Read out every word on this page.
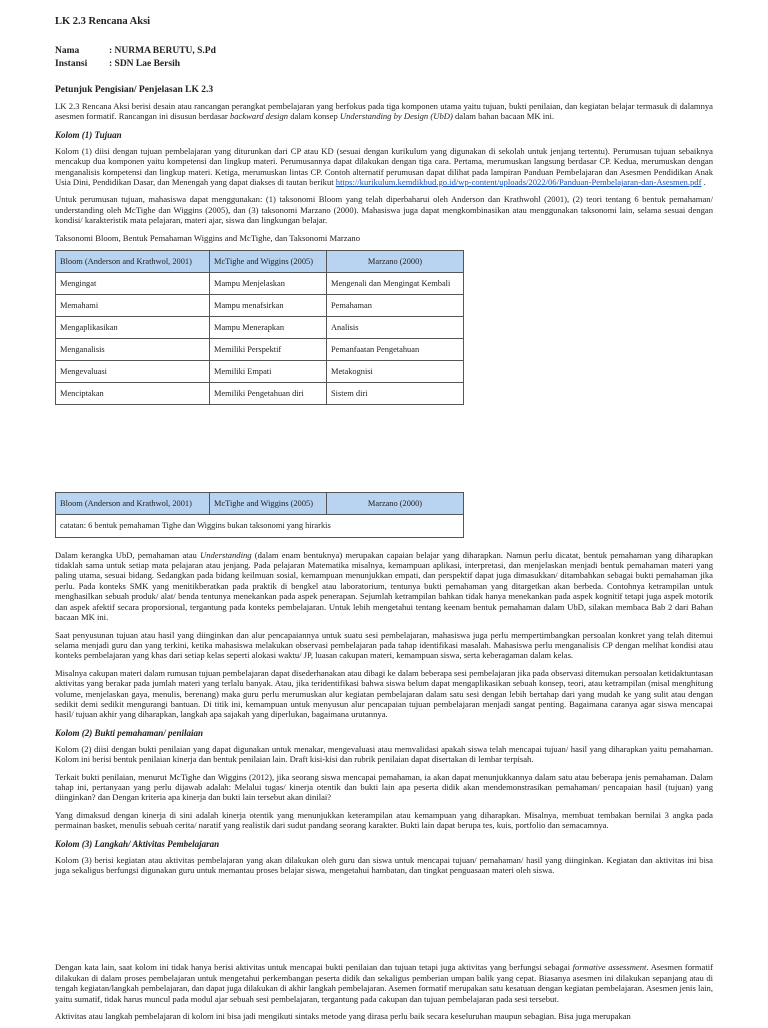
LK 2.3 Rencana Aksi
Nama	: NURMA BERUTU, S.Pd
Instansi	: SDN Lae Bersih
Petunjuk Pengisian/ Penjelasan LK 2.3

LK 2.3 Rencana Aksi berisi desain atau rancangan perangkat pembelajaran yang berfokus pada tiga komponen utama yaitu tujuan, bukti penilaian, dan kegiatan belajar termasuk di dalamnya asesmen formatif. Rancangan ini disusun berdasar backward design dalam konsep Understanding by Design (UbD) dalam bahan bacaan MK ini.

Kolom (1) Tujuan

Kolom (1) diisi dengan tujuan pembelajaran yang diturunkan dari CP atau KD (sesuai dengan kurikulum yang digunakan di sekolah untuk jenjang tertentu). Perumusan tujuan sebaiknya mencakup dua komponen yaitu kompetensi dan lingkup materi. Perumusannya dapat dilakukan dengan tiga cara. Pertama, merumuskan langsung berdasar CP. Kedua, merumuskan dengan menganalisis kompetensi dan lingkup materi. Ketiga, merumuskan lintas CP. Contoh alternatif perumusan dapat dilihat pada lampiran Panduan Pembelajaran dan Asesmen Pendidikan Anak Usia Dini, Pendidikan Dasar, dan Menengah yang dapat diakses di tautan berikut https://kurikulum.kemdikbud.go.id/wp-content/uploads/2022/06/Panduan-Pembelajaran-dan-Asesmen.pdf .

Untuk perumusan tujuan, mahasiswa dapat menggunakan: (1) taksonomi Bloom yang telah diperbaharui oleh Anderson dan Krathwohl (2001), (2) teori tentang 6 bentuk pemahaman/ understanding oleh McTighe dan Wiggins (2005), dan (3) taksonomi Marzano (2000). Mahasiswa juga dapat mengkombinasikan atau menggunakan taksonomi lain, selama sesuai dengan kondisi/ karakteristik mata pelajaran, materi ajar, siswa dan lingkungan belajar.

Taksonomi Bloom, Bentuk Pemahaman Wiggins and McTighe, dan Taksonomi Marzano
Bloom (Anderson and Krathwol, 2001)	McTighe and Wiggins (2005)	Marzano (2000)
Mengingat	Mampu Menjelaskan	Mengenali dan Mengingat Kembali
Memahami	Mampu menafsirkan	Pemahaman
Mengaplikasikan	Mampu Menerapkan	Analisis
Menganalisis	Memiliki Perspektif	Pemanfaatan Pengetahuan
Mengevaluasi	Memiliki Empati	Metakognisi
Menciptakan	Memiliki Pengetahuan diri	Sistem diri
Bloom (Anderson and Krathwol, 2001)	McTighe and Wiggins (2005)	Marzano (2000)
catatan: 6 bentuk pemahaman Tighe dan Wiggins bukan taksonomi yang hirarkis

Dalam kerangka UbD, pemahaman atau Understanding (dalam enam bentuknya) merupakan capaian belajar yang diharapkan. Namun perlu dicatat, bentuk pemahaman yang diharapkan tidaklah sama untuk setiap mata pelajaran atau jenjang. Pada pelajaran Matematika misalnya, kemampuan aplikasi, interpretasi, dan menjelaskan menjadi bentuk pemahaman materi yang paling utama, sesuai bidang. Sedangkan pada bidang keilmuan sosial, kemampuan menunjukkan empati, dan perspektif dapat juga dimasukkan/ ditambahkan sebagai bukti pemahaman jika perlu. Pada konteks SMK yang menitikberatkan pada praktik di bengkel atau laboratorium, tentunya bukti pemahaman yang ditargetkan akan berbeda. Contohnya ketrampilan untuk menghasilkan sebuah produk/ alat/ benda tentunya menekankan pada aspek penerapan. Sejumlah ketrampilan bahkan tidak hanya menekankan pada aspek kognitif tetapi juga aspek motorik dan aspek afektif secara proporsional, tergantung pada konteks pembelajaran. Untuk lebih mengetahui tentang keenam bentuk pemahaman dalam UbD, silakan membaca Bab 2 dari Bahan bacaan MK ini.

Saat penyusunan tujuan atau hasil yang diinginkan dan alur pencapaiannya untuk suatu sesi pembelajaran, mahasiswa juga perlu mempertimbangkan persoalan konkret yang telah ditemui selama menjadi guru dan yang terkini, ketika mahasiswa melakukan observasi pembelajaran pada tahap identifikasi masalah. Mahasiswa perlu menganalisis CP dengan melihat kondisi atau konteks pembelajaran yang khas dari setiap kelas seperti alokasi waktu/ JP, luasan cakupan materi, kemampuan siswa, serta keberagaman dalam kelas.

Misalnya cakupan materi dalam rumusan tujuan pembelajaran dapat disederhanakan atau dibagi ke dalam beberapa sesi pembelajaran jika pada observasi ditemukan persoalan ketidaktuntasan aktivitas yang berakar pada jumlah materi yang terlalu banyak. Atau, jika teridentifikasi bahwa siswa belum dapat mengaplikasikan sebuah konsep, teori, atau ketrampilan (misal menghitung volume, menjelaskan gaya, menulis, berenang) maka guru perlu merumuskan alur kegiatan pembelajaran dalam satu sesi dengan lebih bertahap dari yang mudah ke yang sulit atau dengan sedikit demi sedikit mengurangi bantuan. Di titik ini, kemampuan untuk menyusun alur pencapaian tujuan pembelajaran menjadi sangat penting. Bagaimana caranya agar siswa mencapai hasil/ tujuan akhir yang diharapkan, langkah apa sajakah yang diperlukan, bagaimana urutannya.

Kolom (2) Bukti pemahaman/ penilaian

Kolom (2) diisi dengan bukti penilaian yang dapat digunakan untuk menakar, mengevaluasi atau memvalidasi apakah siswa telah mencapai tujuan/ hasil yang diharapkan yaitu pemahaman. Kolom ini berisi bentuk penilaian kinerja dan bentuk penilaian lain. Draft kisi-kisi dan rubrik penilaian dapat disertakan di lembar terpisah.

Terkait bukti penilaian, menurut McTighe dan Wiggins (2012), jika seorang siswa mencapai pemahaman, ia akan dapat menunjukkannya dalam satu atau beberapa jenis pemahaman. Dalam tahap ini, pertanyaan yang perlu dijawab adalah: Melalui tugas/ kinerja otentik dan bukti lain apa peserta didik akan mendemonstrasikan pemahaman/ pencapaian hasil (tujuan) yang diinginkan? dan Dengan kriteria apa kinerja dan bukti lain tersebut akan dinilai?

Yang dimaksud dengan kinerja di sini adalah kinerja otentik yang menunjukkan keterampilan atau kemampuan yang diharapkan. Misalnya, membuat tembakan bernilai 3 angka pada permainan basket, menulis sebuah cerita/ naratif yang realistik dari sudut pandang seorang karakter. Bukti lain dapat berupa tes, kuis, portfolio dan semacamnya.

Kolom (3) Langkah/ Aktivitas Pembelajaran

Kolom (3) berisi kegiatan atau aktivitas pembelajaran yang akan dilakukan oleh guru dan siswa untuk mencapai tujuan/ pemahaman/ hasil yang diinginkan. Kegiatan dan aktivitas ini bisa juga sekaligus berfungsi digunakan guru untuk memantau proses belajar siswa, mengetahui hambatan, dan tingkat penguasaan materi oleh siswa.

Dengan kata lain, saat kolom ini tidak hanya berisi aktivitas untuk mencapai bukti penilaian dan tujuan tetapi juga aktivitas yang berfungsi sebagai formative assessment. Asesmen formatif dilakukan di dalam proses pembelajaran untuk mengetahui perkembangan peserta didik dan sekaligus pemberian umpan balik yang cepat. Biasanya asesmen ini dilakukan sepanjang atau di tengah kegiatan/langkah pembelajaran, dan dapat juga dilakukan di akhir langkah pembelajaran. Asemen formatif merupakan satu kesatuan dengan kegiatan pembelajaran. Asesmen jenis lain, yaitu sumatif, tidak harus muncul pada modul ajar sebuah sesi pembelajaran, tergantung pada cakupan dan tujuan pembelajaran pada sesi tersebut.

Aktivitas atau langkah pembelajaran di kolom ini bisa jadi mengikuti sintaks metode yang dirasa perlu baik secara keseluruhan maupun sebagian. Bisa juga merupakan
